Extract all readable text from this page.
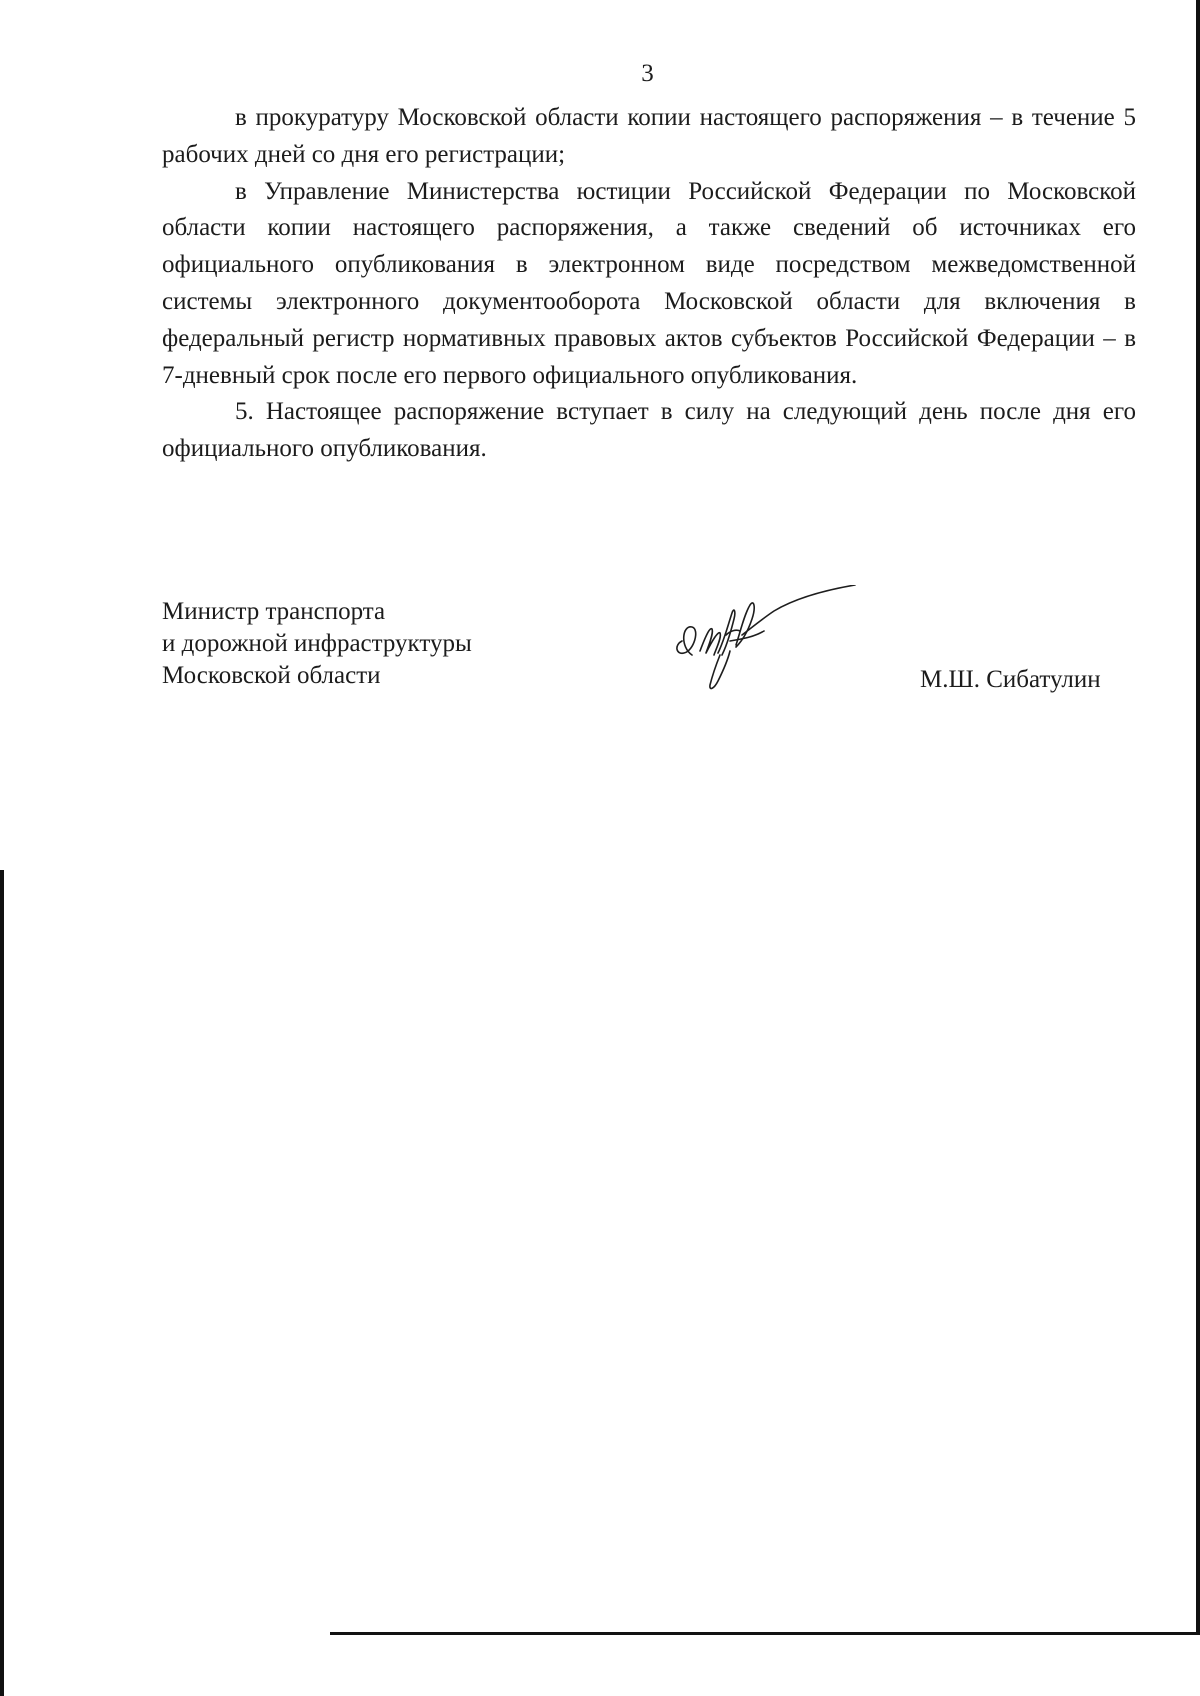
3

в прокуратуру Московской области копии настоящего распоряжения – в течение 5 рабочих дней со дня его регистрации;

в Управление Министерства юстиции Российской Федерации по Московской области копии настоящего распоряжения, а также сведений об источниках его официального опубликования в электронном виде посредством межведомственной системы электронного документооборота Московской области для включения в федеральный регистр нормативных правовых актов субъектов Российской Федерации – в 7-дневный срок после его первого официального опубликования.

5. Настоящее распоряжение вступает в силу на следующий день после дня его официального опубликования.

Министр транспорта
и дорожной инфраструктуры
Московской области	М.Ш. Сибатулин
